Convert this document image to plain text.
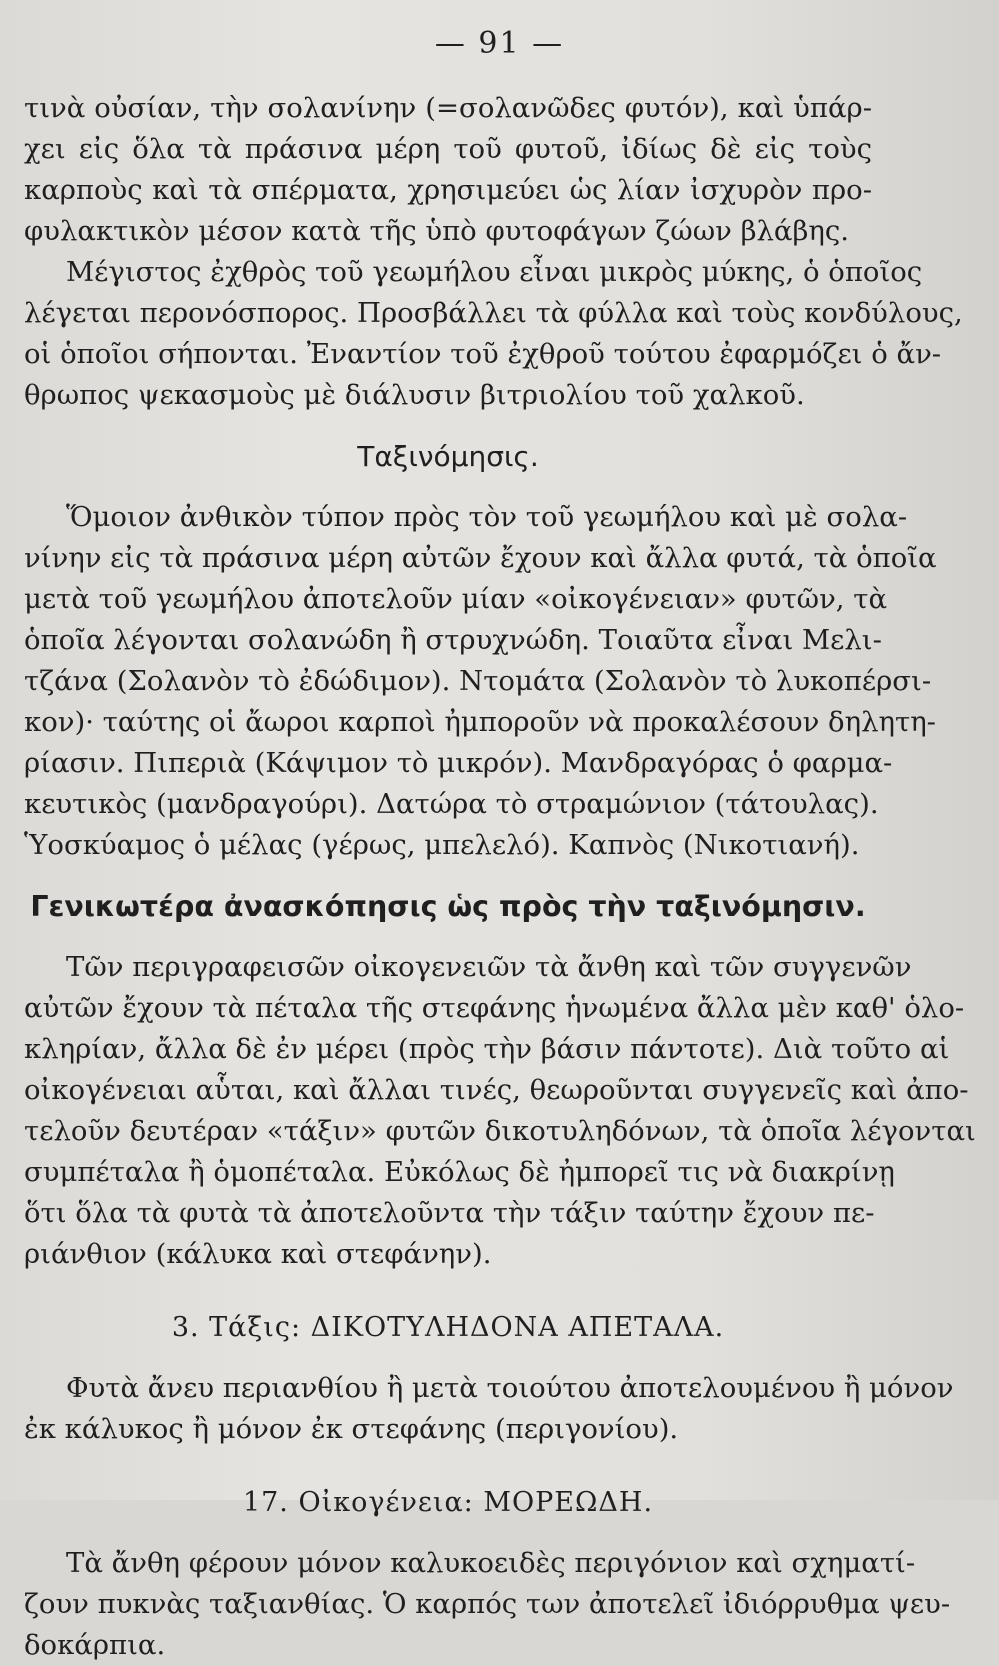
— 91 —
τινὰ οὐσίαν, τὴν σολανίνην (=σολανῶδες φυτόν), καὶ ὑπάρ-
χει εἰς ὅλα τὰ πράσινα μέρη τοῦ φυτοῦ, ἰδίως δὲ εἰς τοὺς
καρποὺς καὶ τὰ σπέρματα, χρησιμεύει ὡς λίαν ἰσχυρὸν προ-
φυλακτικὸν μέσον κατὰ τῆς ὑπὸ φυτοφάγων ζώων βλάβης.
Μέγιστος ἐχθρὸς τοῦ γεωμήλου εἶναι μικρὸς μύκης, ὁ ὁποῖος
λέγεται περονόσπορος. Προσβάλλει τὰ φύλλα καὶ τοὺς κονδύλους,
οἱ ὁποῖοι σήπονται. Ἐναντίον τοῦ ἐχθροῦ τούτου ἐφαρμόζει ὁ ἄν-
θρωπος ψεκασμοὺς μὲ διάλυσιν βιτριολίου τοῦ χαλκοῦ.
Ταξινόμησις.
Ὅμοιον ἀνθικὸν τύπον πρὸς τὸν τοῦ γεωμήλου καὶ μὲ σολα-
νίνην εἰς τὰ πράσινα μέρη αὐτῶν ἔχουν καὶ ἄλλα φυτά, τὰ ὁποῖα
μετὰ τοῦ γεωμήλου ἀποτελοῦν μίαν «οἰκογένειαν» φυτῶν, τὰ
ὁποῖα λέγονται σολανώδη ἢ στρυχνώδη. Τοιαῦτα εἶναι Μελι-
τζάνα (Σολανὸν τὸ ἐδώδιμον). Ντομάτα (Σολανὸν τὸ λυκοπέρσι-
κον)· ταύτης οἱ ἄωροι καρποὶ ἠμποροῦν νὰ προκαλέσουν δηλητη-
ρίασιν. Πιπεριὰ (Κάψιμον τὸ μικρόν). Μανδραγόρας ὁ φαρμα-
κευτικὸς (μανδραγούρι). Δατώρα τὸ στραμώνιον (τάτουλας).
Ὑοσκύαμος ὁ μέλας (γέρως, μπελελό). Καπνὸς (Νικοτιανή).
Γενικωτέρα ἀνασκόπησις ὡς πρὸς τὴν ταξινόμησιν.
Τῶν περιγραφεισῶν οἰκογενειῶν τὰ ἄνθη καὶ τῶν συγγενῶν
αὐτῶν ἔχουν τὰ πέταλα τῆς στεφάνης ἡνωμένα ἄλλα μὲν καθ' ὁλο-
κληρίαν, ἄλλα δὲ ἐν μέρει (πρὸς τὴν βάσιν πάντοτε). Διὰ τοῦτο αἱ
οἰκογένειαι αὗται, καὶ ἄλλαι τινές, θεωροῦνται συγγενεῖς καὶ ἀπο-
τελοῦν δευτέραν «τάξιν» φυτῶν δικοτυληδόνων, τὰ ὁποῖα λέγονται
συμπέταλα ἢ ὁμοπέταλα. Εὐκόλως δὲ ἠμπορεῖ τις νὰ διακρίνῃ
ὅτι ὅλα τὰ φυτὰ τὰ ἀποτελοῦντα τὴν τάξιν ταύτην ἔχουν πε-
ριάνθιον (κάλυκα καὶ στεφάνην).
3. Τάξις: ΔΙΚΟΤΥΛΗΔΟΝΑ ΑΠΕΤΑΛΑ.
Φυτὰ ἄνευ περιανθίου ἢ μετὰ τοιούτου ἀποτελουμένου ἢ μόνον
ἐκ κάλυκος ἢ μόνον ἐκ στεφάνης (περιγονίου).
17. Οἰκογένεια: ΜΟΡΕΩΔΗ.
Τὰ ἄνθη φέρουν μόνον καλυκοειδὲς περιγόνιον καὶ σχηματί-
ζουν πυκνὰς ταξιανθίας. Ὁ καρπός των ἀποτελεῖ ἰδιόρρυθμα ψευ-
δοκάρπια.
